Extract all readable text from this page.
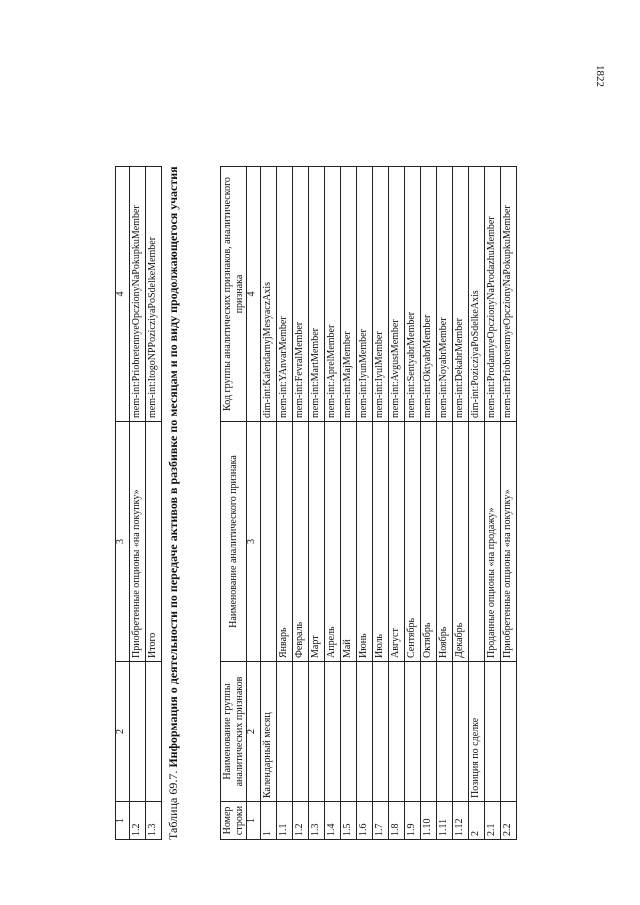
1822
1	2	3	4
1.2		Приобретенные опционы «на покупку»	mem-int:PriobretennyeOpczionyNaPokupkuMember
1.3		Итого	mem-int:ItogoNPPozicziyaPoSdelkeMember
Таблица 69.7. Информация о деятельности по передаче активов в разбивке по месяцам и по виду продолжающегося участия
Номер строки	Наименование группы аналитических признаков	Наименование аналитического признака	Код группы аналитических признаков, аналитического признака
1	2	3	4
1	Календарный месяц		dim-int:KalendarnyjMesyaczAxis
1.1		Январь	mem-int:YAnvarMember
1.2		Февраль	mem-int:FevralMember
1.3		Март	mem-int:MartMember
1.4		Апрель	mem-int:AprelMember
1.5		Май	mem-int:MajMember
1.6		Июнь	mem-int:IyunMember
1.7		Июль	mem-int:IyulMember
1.8		Август	mem-int:AvgustMember
1.9		Сентябрь	mem-int:SentyabrMember
1.10		Октябрь	mem-int:OktyabrMember
1.11		Ноябрь	mem-int:NoyabrMember
1.12		Декабрь	mem-int:DekabrMember
2	Позиция по сделке		dim-int:PozicziyaPoSdelkeAxis
2.1		Проданные опционы «на продажу»	mem-int:ProdannyeOpczionyNaProdazhuMember
2.2		Приобретенные опционы «на покупку»	mem-int:PriobretennyeOpczionyNaPokupkuMember
